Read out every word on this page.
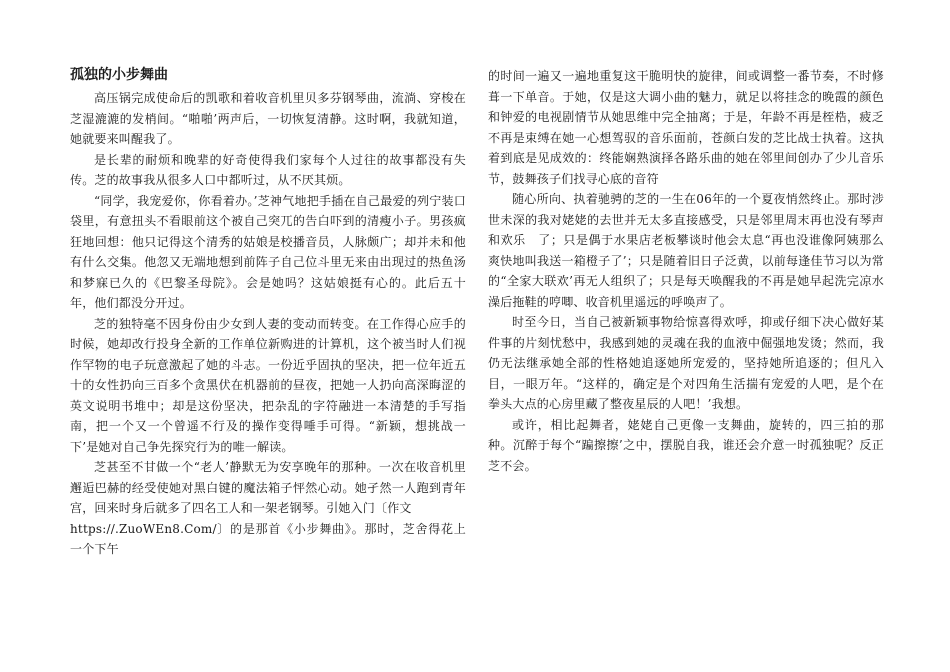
孤独的小步舞曲

高压锅完成使命后的凯歌和着收音机里贝多芬钢琴曲，流淌、穿梭在芝湿漉漉的发梢间。“啪啪’两声后，一切恢复清静。这时啊，我就知道，她就要来叫醒我了。

是长辈的耐烦和晚辈的好奇使得我们家每个人过往的故事都没有失传。芝的故事我从很多人口中都听过，从不厌其烦。

“同学，我宠爱你，你看着办。’芝神气地把手插在自己最爱的列宁装口袋里，有意扭头不看眼前这个被自己突兀的告白吓到的清瘦小子。男孩疯狂地回想：他只记得这个清秀的姑娘是校播音员，人脉颇广；却并未和他有什么交集。他忽又无端地想到前阵子自己位斗里无来由出现过的热鱼汤和梦寐已久的《巴黎圣母院》。会是她吗？这姑娘挺有心的。此后五十年，他们都没分开过。

芝的独特毫不因身份由少女到人妻的变动而转变。在工作得心应手的时候，她却改行投身全新的工作单位新购进的计算机，这个被当时人们视作罕物的电子玩意激起了她的斗志。一份近乎固执的坚决，把一位年近五十的女性扔向三百多个贪黑伏在机器前的昼夜，把她一人扔向高深晦涩的英文说明书堆中；却是这份坚决，把杂乱的字符融进一本清楚的手写指南，把一个又一个曾遥不行及的操作变得唾手可得。“新颖，想挑战一下’是她对自己争先探究行为的唯一解读。

芝甚至不甘做一个“老人’静默无为安享晚年的那种。一次在收音机里邂逅巴赫的经受使她对黑白键的魔法箱子怦然心动。她孑然一人跑到青年宫，回来时身后就多了四名工人和一架老钢琴。引她入门〔作文

https://.ZuoWEn8.Com/〕的是那首《小步舞曲》。那时，芝舍得花上一个下午

的时间一遍又一遍地重复这干脆明快的旋律，间或调整一番节奏，不时修葺一下单音。于她，仅是这大调小曲的魅力，就足以将挂念的晚霞的颜色和钟爱的电视剧情节从她思维中完全抽离；于是，年龄不再是桎梏，疲乏不再是束缚在她一心想驾驭的音乐面前，苍颜白发的芝比战士执着。这执着到底是见成效的：终能娴熟演择各路乐曲的她在邻里间创办了少儿音乐节，鼓舞孩子们找寻心底的音符

随心所向、执着驰骋的芝的一生在06年的一个夏夜悄然终止。那时涉世未深的我对姥姥的去世并无太多直接感受，只是邻里周末再也没有琴声和欢乐　了；只是偶于水果店老板攀谈时他会太息“再也没谁像阿姨那么爽快地叫我送一箱橙子了’；只是随着旧日子泛黄，以前每逢佳节习以为常的“全家大联欢’再无人组织了；只是每天唤醒我的不再是她早起洗完凉水澡后拖鞋的哼唧、收音机里遥远的呼唤声了。

时至今日，当自己被新颖事物给惊喜得欢呼，抑或仔细下决心做好某件事的片刻忧愁中，我感到她的灵魂在我的血液中倔强地发烫；然而，我仍无法继承她全部的性格她追逐她所宠爱的，坚持她所追逐的；但凡入目，一眼万年。“这样的，确定是个对四角生活揣有宠爱的人吧，是个在拳头大点的心房里藏了整夜星辰的人吧！’我想。

或许，相比起舞者，姥姥自己更像一支舞曲，旋转的，四三拍的那种。沉醉于每个“蹁擦擦’之中，摆脱自我，谁还会介意一时孤独呢？反正芝不会。
